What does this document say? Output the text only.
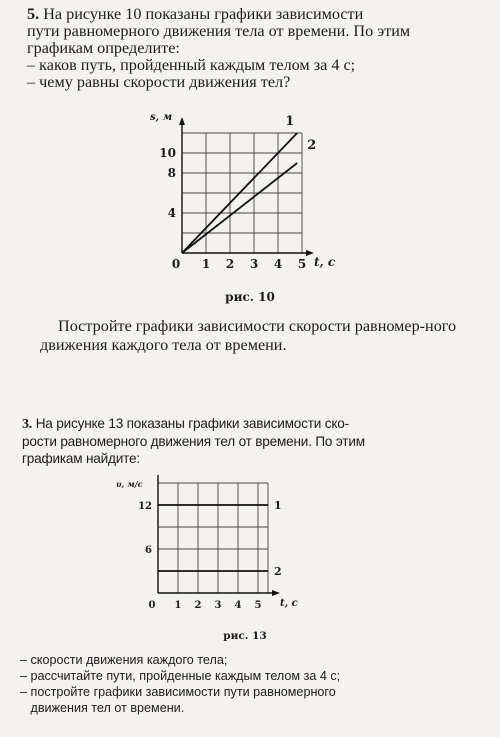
5. На рисунке 10 показаны графики зависимости

пути равномерного движения тела от времени. По этим

графикам определите:

– каков путь, пройденный каждым телом за 4 с;

– чему равны скорости движения тел?

t, c
s, м
0 1 2 3 4 5
4
8
10
1
2
рис. 10

Постройте графики зависимости скорости равномер-ного движения каждого тела от времени.

3. На рисунке 13 показаны графики зависимости ско-

рости равномерного движения тел от времени. По этим

графикам найдите:

t, c
υ, м/с
0 1 2 3 4 5
6
12	1
2
рис. 13
– скорости движения каждого тела;
– рассчитайте пути, пройденные каждым телом за 4 с;
– постройте графики зависимости пути равномерного
движения тел от времени.
